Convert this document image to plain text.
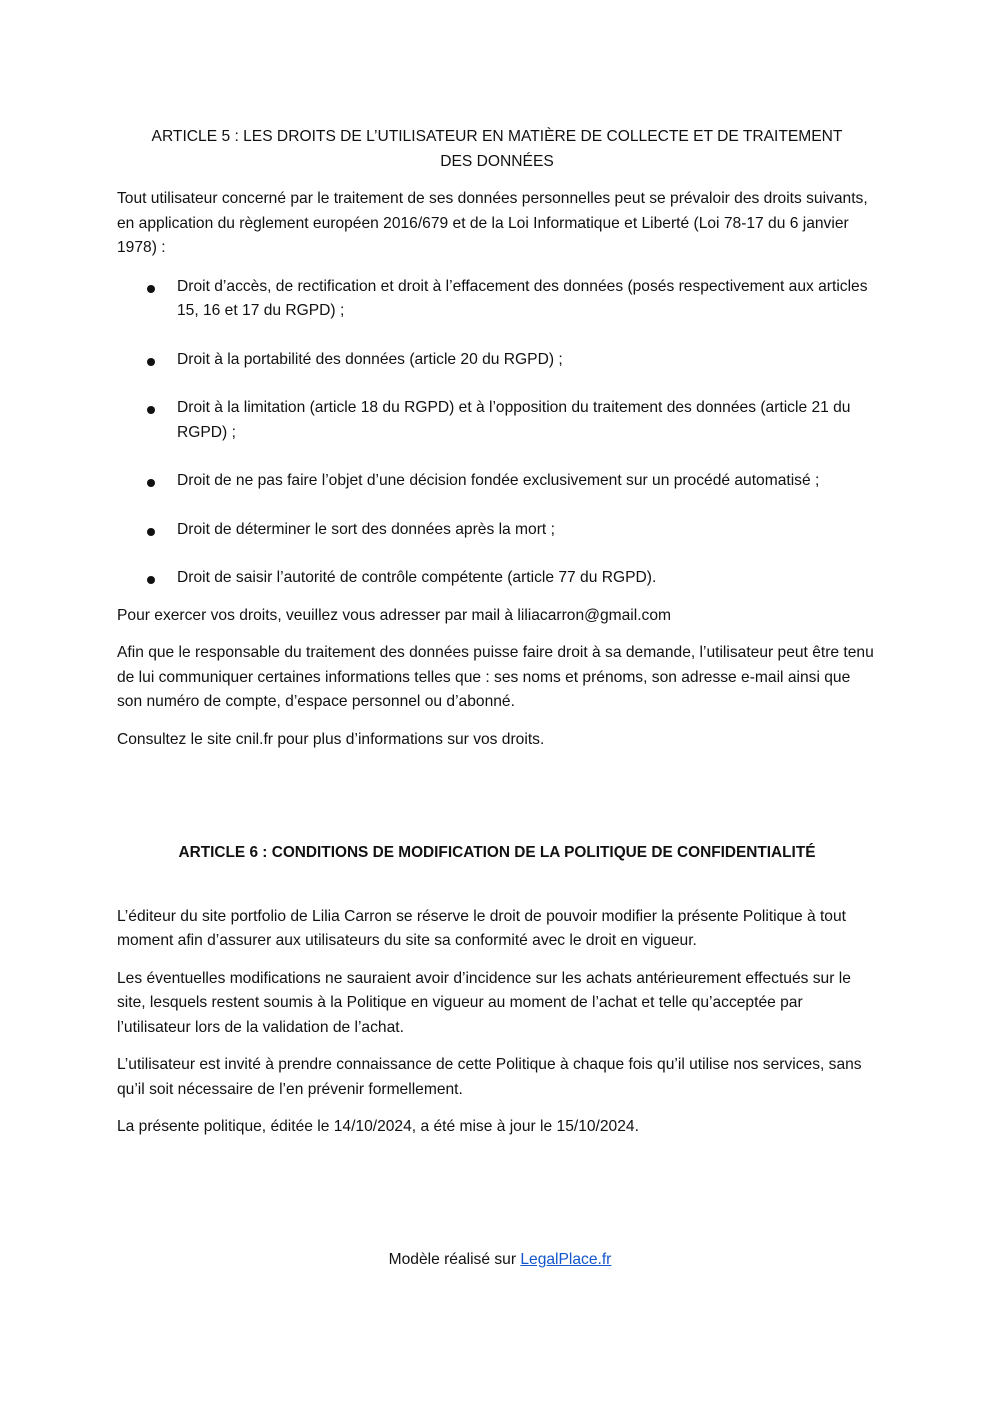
ARTICLE 5 : LES DROITS DE L’UTILISATEUR EN MATIÈRE DE COLLECTE ET DE TRAITEMENT DES DONNÉES

Tout utilisateur concerné par le traitement de ses données personnelles peut se prévaloir des droits suivants, en application du règlement européen 2016/679 et de la Loi Informatique et Liberté (Loi 78-17 du 6 janvier 1978) :

Droit d’accès, de rectification et droit à l’effacement des données (posés respectivement aux articles 15, 16 et 17 du RGPD) ;
Droit à la portabilité des données (article 20 du RGPD) ;
Droit à la limitation (article 18 du RGPD) et à l’opposition du traitement des données (article 21 du RGPD) ;
Droit de ne pas faire l’objet d’une décision fondée exclusivement sur un procédé automatisé ;
Droit de déterminer le sort des données après la mort ;
Droit de saisir l’autorité de contrôle compétente (article 77 du RGPD).

Pour exercer vos droits, veuillez vous adresser par mail à liliacarron@gmail.com

Afin que le responsable du traitement des données puisse faire droit à sa demande, l’utilisateur peut être tenu de lui communiquer certaines informations telles que : ses noms et prénoms, son adresse e-mail ainsi que son numéro de compte, d’espace personnel ou d’abonné.

Consultez le site cnil.fr pour plus d’informations sur vos droits.

ARTICLE 6 : CONDITIONS DE MODIFICATION DE LA POLITIQUE DE CONFIDENTIALITÉ

L’éditeur du site portfolio de Lilia Carron se réserve le droit de pouvoir modifier la présente Politique à tout moment afin d’assurer aux utilisateurs du site sa conformité avec le droit en vigueur.

Les éventuelles modifications ne sauraient avoir d’incidence sur les achats antérieurement effectués sur le site, lesquels restent soumis à la Politique en vigueur au moment de l’achat et telle qu’acceptée par l’utilisateur lors de la validation de l’achat.

L’utilisateur est invité à prendre connaissance de cette Politique à chaque fois qu’il utilise nos services, sans qu’il soit nécessaire de l’en prévenir formellement.

La présente politique, éditée le 14/10/2024, a été mise à jour le 15/10/2024.

Modèle réalisé sur LegalPlace.fr
